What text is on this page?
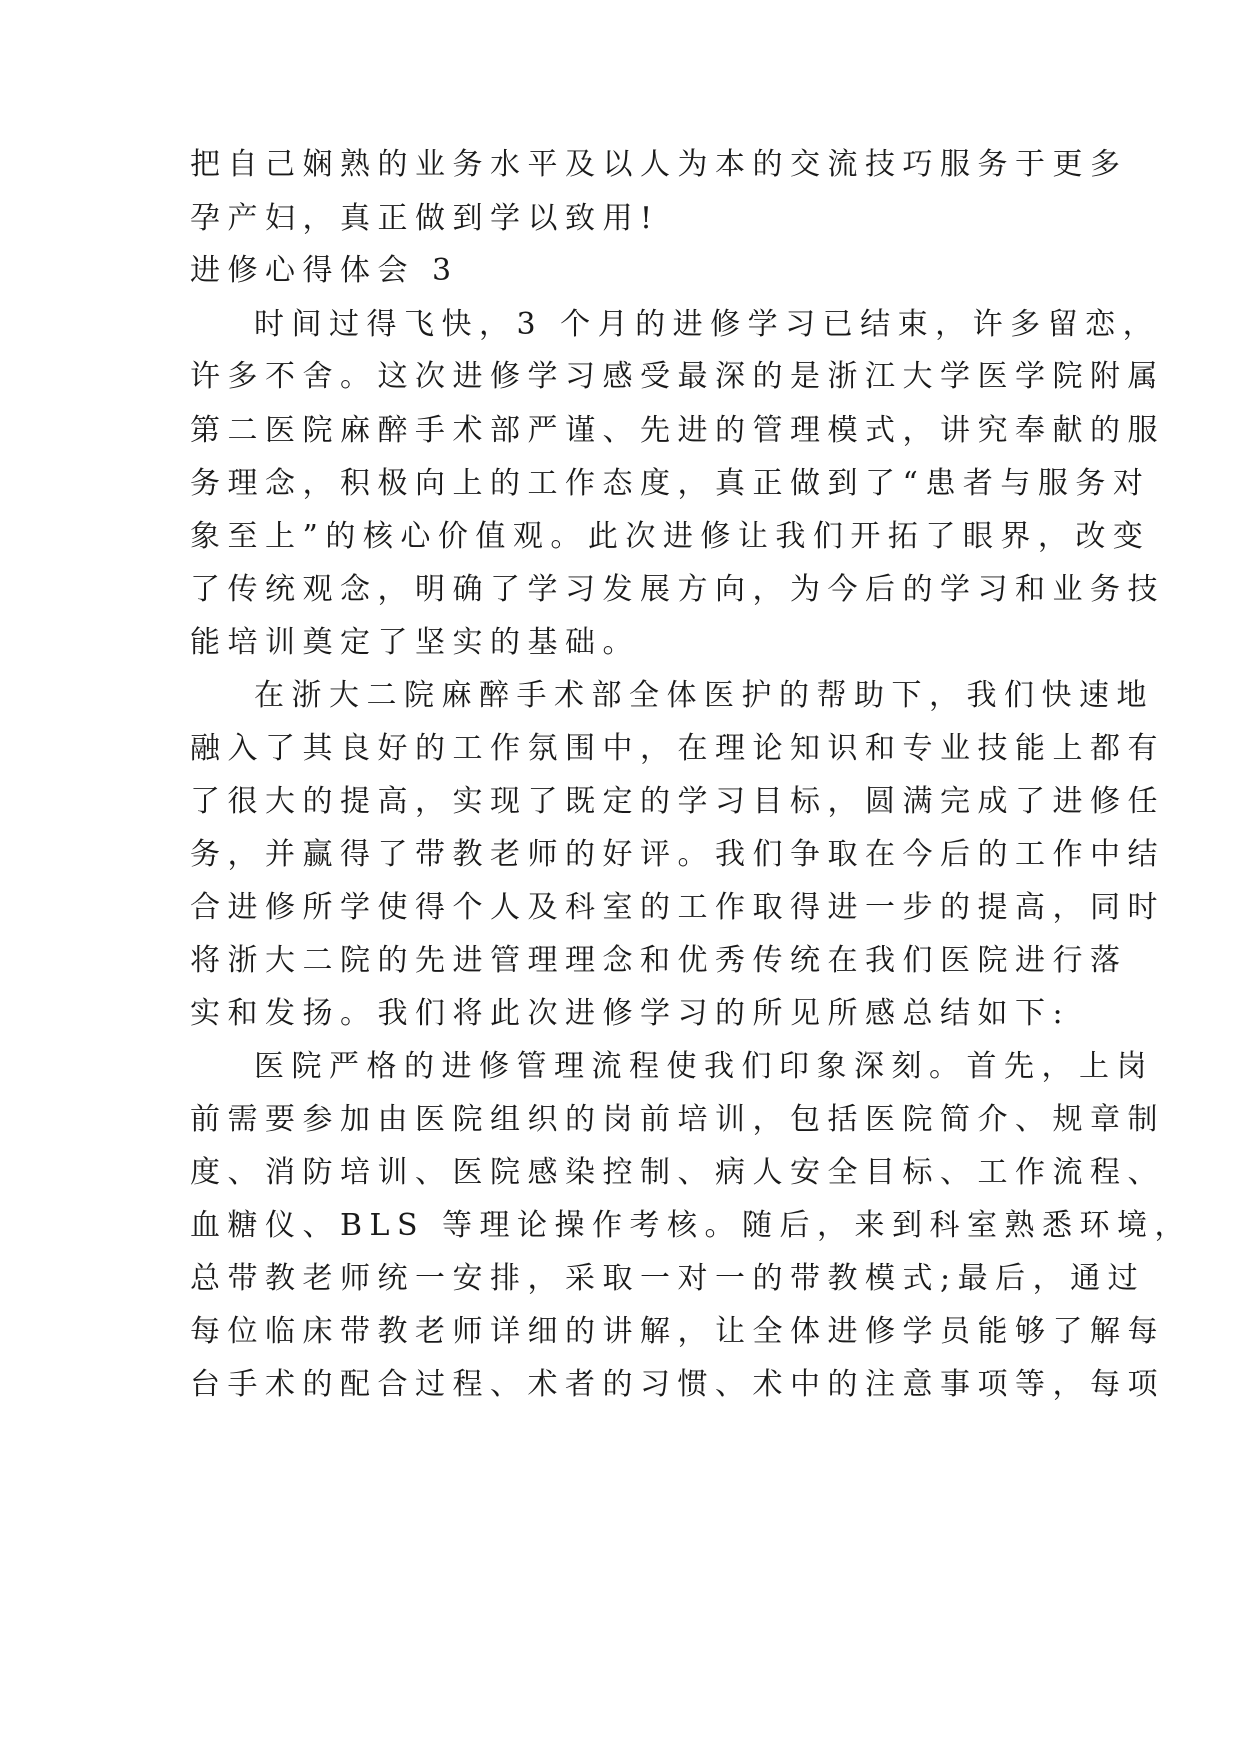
把自己娴熟的业务水平及以人为本的交流技巧服务于更多
孕产妇，真正做到学以致用!
进修心得体会 3
时间过得飞快，3 个月的进修学习已结束，许多留恋，
许多不舍。这次进修学习感受最深的是浙江大学医学院附属
第二医院麻醉手术部严谨、先进的管理模式，讲究奉献的服
务理念，积极向上的工作态度，真正做到了“患者与服务对
象至上”的核心价值观。此次进修让我们开拓了眼界，改变
了传统观念，明确了学习发展方向，为今后的学习和业务技
能培训奠定了坚实的基础。
在浙大二院麻醉手术部全体医护的帮助下，我们快速地
融入了其良好的工作氛围中，在理论知识和专业技能上都有
了很大的提高，实现了既定的学习目标，圆满完成了进修任
务，并赢得了带教老师的好评。我们争取在今后的工作中结
合进修所学使得个人及科室的工作取得进一步的提高，同时
将浙大二院的先进管理理念和优秀传统在我们医院进行落
实和发扬。我们将此次进修学习的所见所感总结如下:
医院严格的进修管理流程使我们印象深刻。首先，上岗
前需要参加由医院组织的岗前培训，包括医院简介、规章制
度、消防培训、医院感染控制、病人安全目标、工作流程、
血糖仪、BLS 等理论操作考核。随后，来到科室熟悉环境，
总带教老师统一安排，采取一对一的带教模式;最后，通过
每位临床带教老师详细的讲解，让全体进修学员能够了解每
台手术的配合过程、术者的习惯、术中的注意事项等，每项
